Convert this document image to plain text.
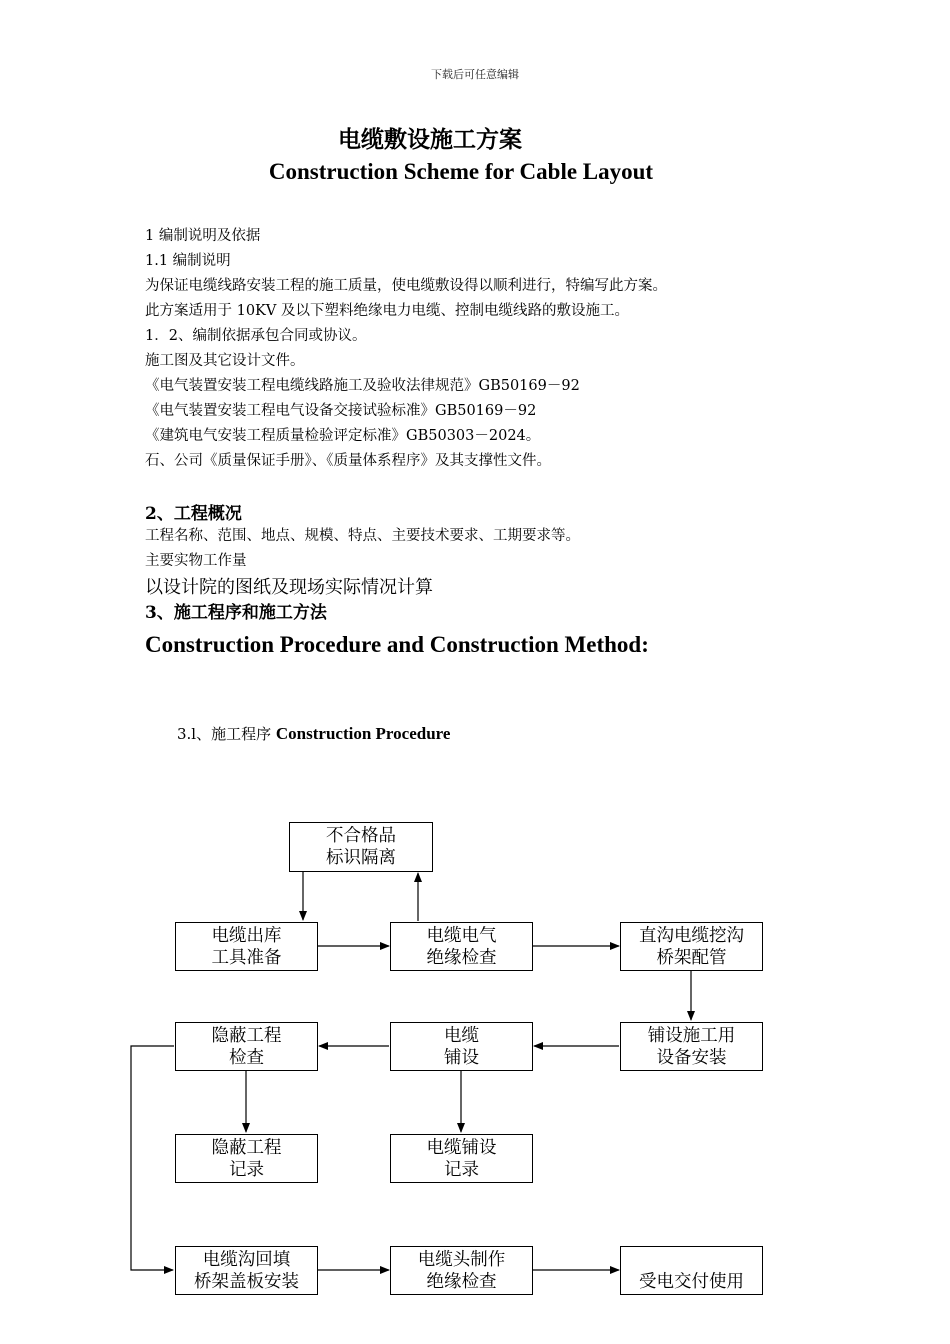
下载后可任意编辑
电缆敷设施工方案
Construction Scheme for Cable Layout
1 编制说明及依据
1.1 编制说明
为保证电缆线路安装工程的施工质量，使电缆敷设得以顺利进行，特编写此方案。
此方案适用于 10KV 及以下塑料绝缘电力电缆、控制电缆线路的敷设施工。
1．2、编制依据承包合同或协议。
施工图及其它设计文件。
《电气装置安装工程电缆线路施工及验收法律规范》GB50169－92
《电气装置安装工程电气设备交接试验标准》GB50169－92
《建筑电气安装工程质量检验评定标准》GB50303－2024。
石、公司《质量保证手册》、《质量体系程序》及其支撑性文件。
2、工程概况
工程名称、范围、地点、规模、特点、主要技术要求、工期要求等。
主要实物工作量
以设计院的图纸及现场实际情况计算
3、施工程序和施工方法
Construction Procedure and Construction Method:
3.l、施工程序 Construction Procedure
不合格品
标识隔离
电缆出库
工具准备
电缆电气
绝缘检查
直沟电缆挖沟
桥架配管
隐蔽工程
检查
电缆
铺设
铺设施工用
设备安装
隐蔽工程
记录
电缆铺设
记录
电缆沟回填
桥架盖板安装
电缆头制作
绝缘检查	受电交付使用
